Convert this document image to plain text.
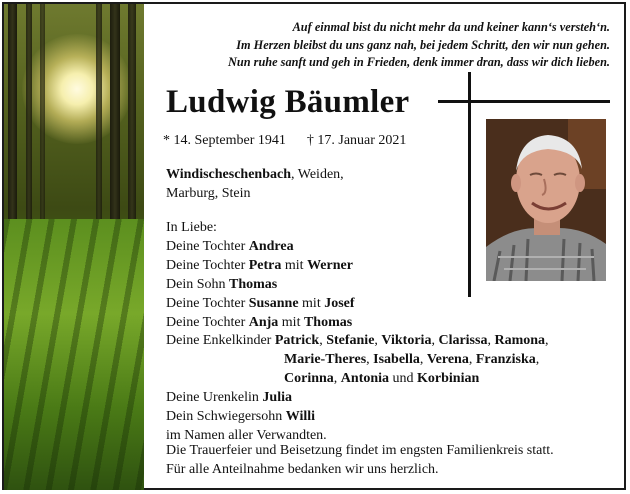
Auf einmal bist du nicht mehr da und keiner kann‘s versteh‘n.
Im Herzen bleibst du uns ganz nah, bei jedem Schritt, den wir nun gehen.
Nun ruhe sanft und geh in Frieden, denk immer dran, dass wir dich lieben.
Ludwig Bäumler
* 14. September 1941 † 17. Januar 2021
Windischeschenbach, Weiden,
Marburg, Stein
In Liebe:
Deine Tochter Andrea
Deine Tochter Petra mit Werner
Dein Sohn Thomas
Deine Tochter Susanne mit Josef
Deine Tochter Anja mit Thomas
Deine Enkelkinder Patrick, Stefanie, Viktoria, Clarissa, Ramona,
Marie-Theres, Isabella, Verena, Franziska,
Corinna, Antonia und Korbinian
Deine Urenkelin Julia
Dein Schwiegersohn Willi
im Namen aller Verwandten.
Die Trauerfeier und Beisetzung findet im engsten Familienkreis statt.
Für alle Anteilnahme bedanken wir uns herzlich.
